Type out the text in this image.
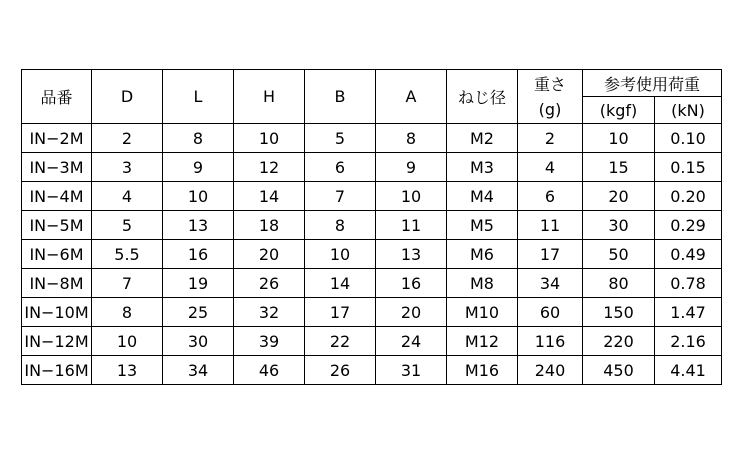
品番	D	L	H	B	A	ねじ径	重さ	参考使用荷重	
							(g)	(kgf)	(kN)
IN−2M	2	8	10	5	8	M2	2	10	0.10
IN−3M	3	9	12	6	9	M3	4	15	0.15
IN−4M	4	10	14	7	10	M4	6	20	0.20
IN−5M	5	13	18	8	11	M5	11	30	0.29
IN−6M	5.5	16	20	10	13	M6	17	50	0.49
IN−8M	7	19	26	14	16	M8	34	80	0.78
IN−10M	8	25	32	17	20	M10	60	150	1.47
IN−12M	10	30	39	22	24	M12	116	220	2.16
IN−16M	13	34	46	26	31	M16	240	450	4.41
